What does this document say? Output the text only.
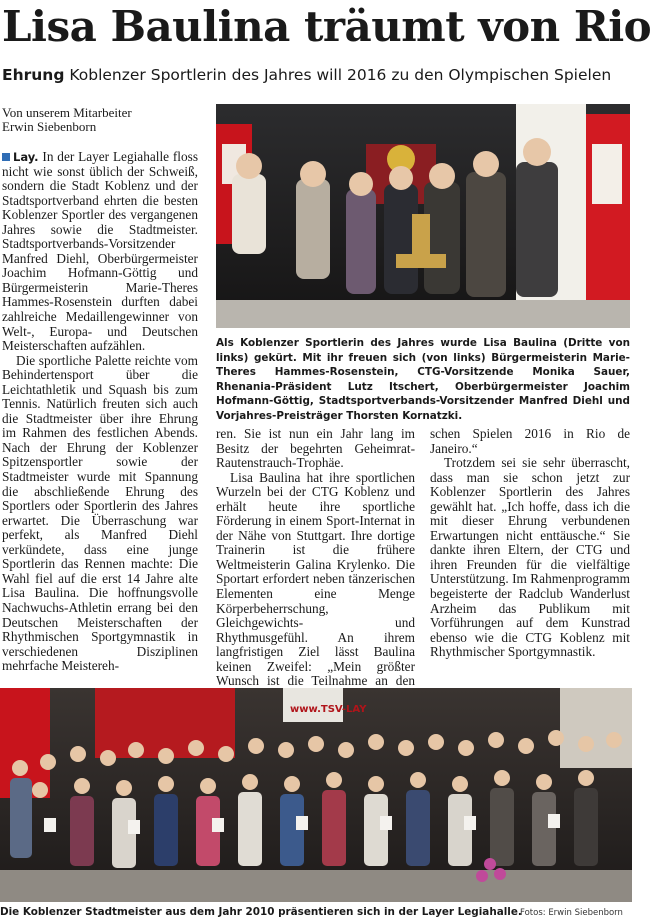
Lisa Baulina träumt von Rio
Ehrung Koblenzer Sportlerin des Jahres will 2016 zu den Olympischen Spielen
Von unserem Mitarbeiter
Erwin Siebenborn
Als Koblenzer Sportlerin des Jahres wurde Lisa Baulina (Dritte von links) gekürt. Mit ihr freuen sich (von links) Bürgermeisterin Marie-Theres Hammes-Rosenstein, CTG-Vorsitzende Monika Sauer, Rhenania-Präsident Lutz Itschert, Oberbürgermeister Joachim Hofmann-Göttig, Stadtsportverbands-Vorsitzender Manfred Diehl und Vorjahres-Preisträger Thorsten Kornatzki.

Lay. In der Layer Legiahalle floss nicht wie sonst üblich der Schweiß, sondern die Stadt Koblenz und der Stadtsportverband ehrten die besten Koblenzer Sportler des vergangenen Jahres sowie die Stadtmeister. Stadtsportverbands-Vorsitzender Manfred Diehl, Oberbürgermeister Joachim Hofmann-Göttig und Bürgermeisterin Marie-Theres Hammes-Rosenstein durften dabei zahlreiche Medaillengewinner von Welt-, Europa- und Deutschen Meisterschaften aufzählen.

Die sportliche Palette reichte vom Behindertensport über die Leichtathletik und Squash bis zum Tennis. Natürlich freuten sich auch die Stadtmeister über ihre Ehrung im Rahmen des festlichen Abends. Nach der Ehrung der Koblenzer Spitzensportler sowie der Stadtmeister wurde mit Spannung die abschließende Ehrung des Sportlers oder Sportlerin des Jahres erwartet. Die Überraschung war perfekt, als Manfred Diehl verkündete, dass eine junge Sportlerin das Rennen machte: Die Wahl fiel auf die erst 14 Jahre alte Lisa Baulina. Die hoffnungsvolle Nachwuchs-Athletin errang bei den Deutschen Meisterschaften der Rhythmischen Sportgymnastik in verschiedenen Disziplinen mehrfache Meistereh-

ren. Sie ist nun ein Jahr lang im Besitz der begehrten Geheimrat-Rautenstrauch-Trophäe.

Lisa Baulina hat ihre sportlichen Wurzeln bei der CTG Koblenz und erhält heute ihre sportliche Förderung in einem Sport-Internat in der Nähe von Stuttgart. Ihre dortige Trainerin ist die frühere Weltmeisterin Galina Krylenko. Die Sportart erfordert neben tänzerischen Elementen eine Menge Körperbeherrschung, Gleichgewichts- und Rhythmusgefühl. An ihrem langfristigen Ziel lässt Baulina keinen Zweifel: „Mein größter Wunsch ist die Teilnahme an den

schen Spielen 2016 in Rio de Janeiro.“

Trotzdem sei sie sehr überrascht, dass man sie schon jetzt zur Koblenzer Sportlerin des Jahres gewählt hat. „Ich hoffe, dass ich die mit dieser Ehrung verbundenen Erwartungen nicht enttäusche.“ Sie dankte ihren Eltern, der CTG und ihren Freunden für die vielfältige Unterstützung. Im Rahmenprogramm begeisterte der Radclub Wanderlust Arzheim das Publikum mit Vorführungen auf dem Kunstrad ebenso wie die CTG Koblenz mit Rhythmischer Sportgymnastik.

www.TSV-LAY
Die Koblenzer Stadtmeister aus dem Jahr 2010 präsentieren sich in der Layer Legiahalle.
Fotos: Erwin Siebenborn
